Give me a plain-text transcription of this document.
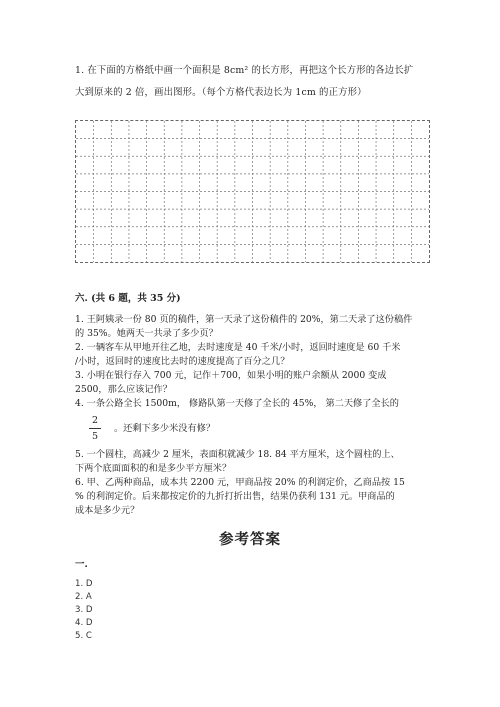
1. 在下面的方格纸中画一个面积是 8cm² 的长方形，再把这个长方形的各边长扩
大到原来的 2 倍，画出图形。（每个方格代表边长为 1cm 的正方形）
六. (共 6 题，共 35 分)
1. 王阿姨录一份 80 页的稿件，第一天录了这份稿件的 20%，第二天录了这份稿件
的 35%。她两天一共录了多少页？
2. 一辆客车从甲地开往乙地，去时速度是 40 千米/小时，返回时速度是 60 千米
/小时，返回时的速度比去时的速度提高了百分之几？
3. 小明在银行存入 700 元，记作＋700，如果小明的账户余额从 2000 变成
2500，那么应该记作？
4. 一条公路全长 1500m， 修路队第一天修了全长的 45%， 第二天修了全长的
2
5
。还剩下多少米没有修？
5. 一个圆柱，高减少 2 厘米，表面积就减少 18. 84 平方厘米，这个圆柱的上、
下两个底面面积的和是多少平方厘米？
6. 甲、乙两种商品，成本共 2200 元，甲商品按 20% 的利润定价，乙商品按 15
% 的利润定价。后来都按定价的九折打折出售，结果仍获利 131 元。甲商品的
成本是多少元？
参考答案
一.
1. D
2. A
3. D
4. D
5. C
